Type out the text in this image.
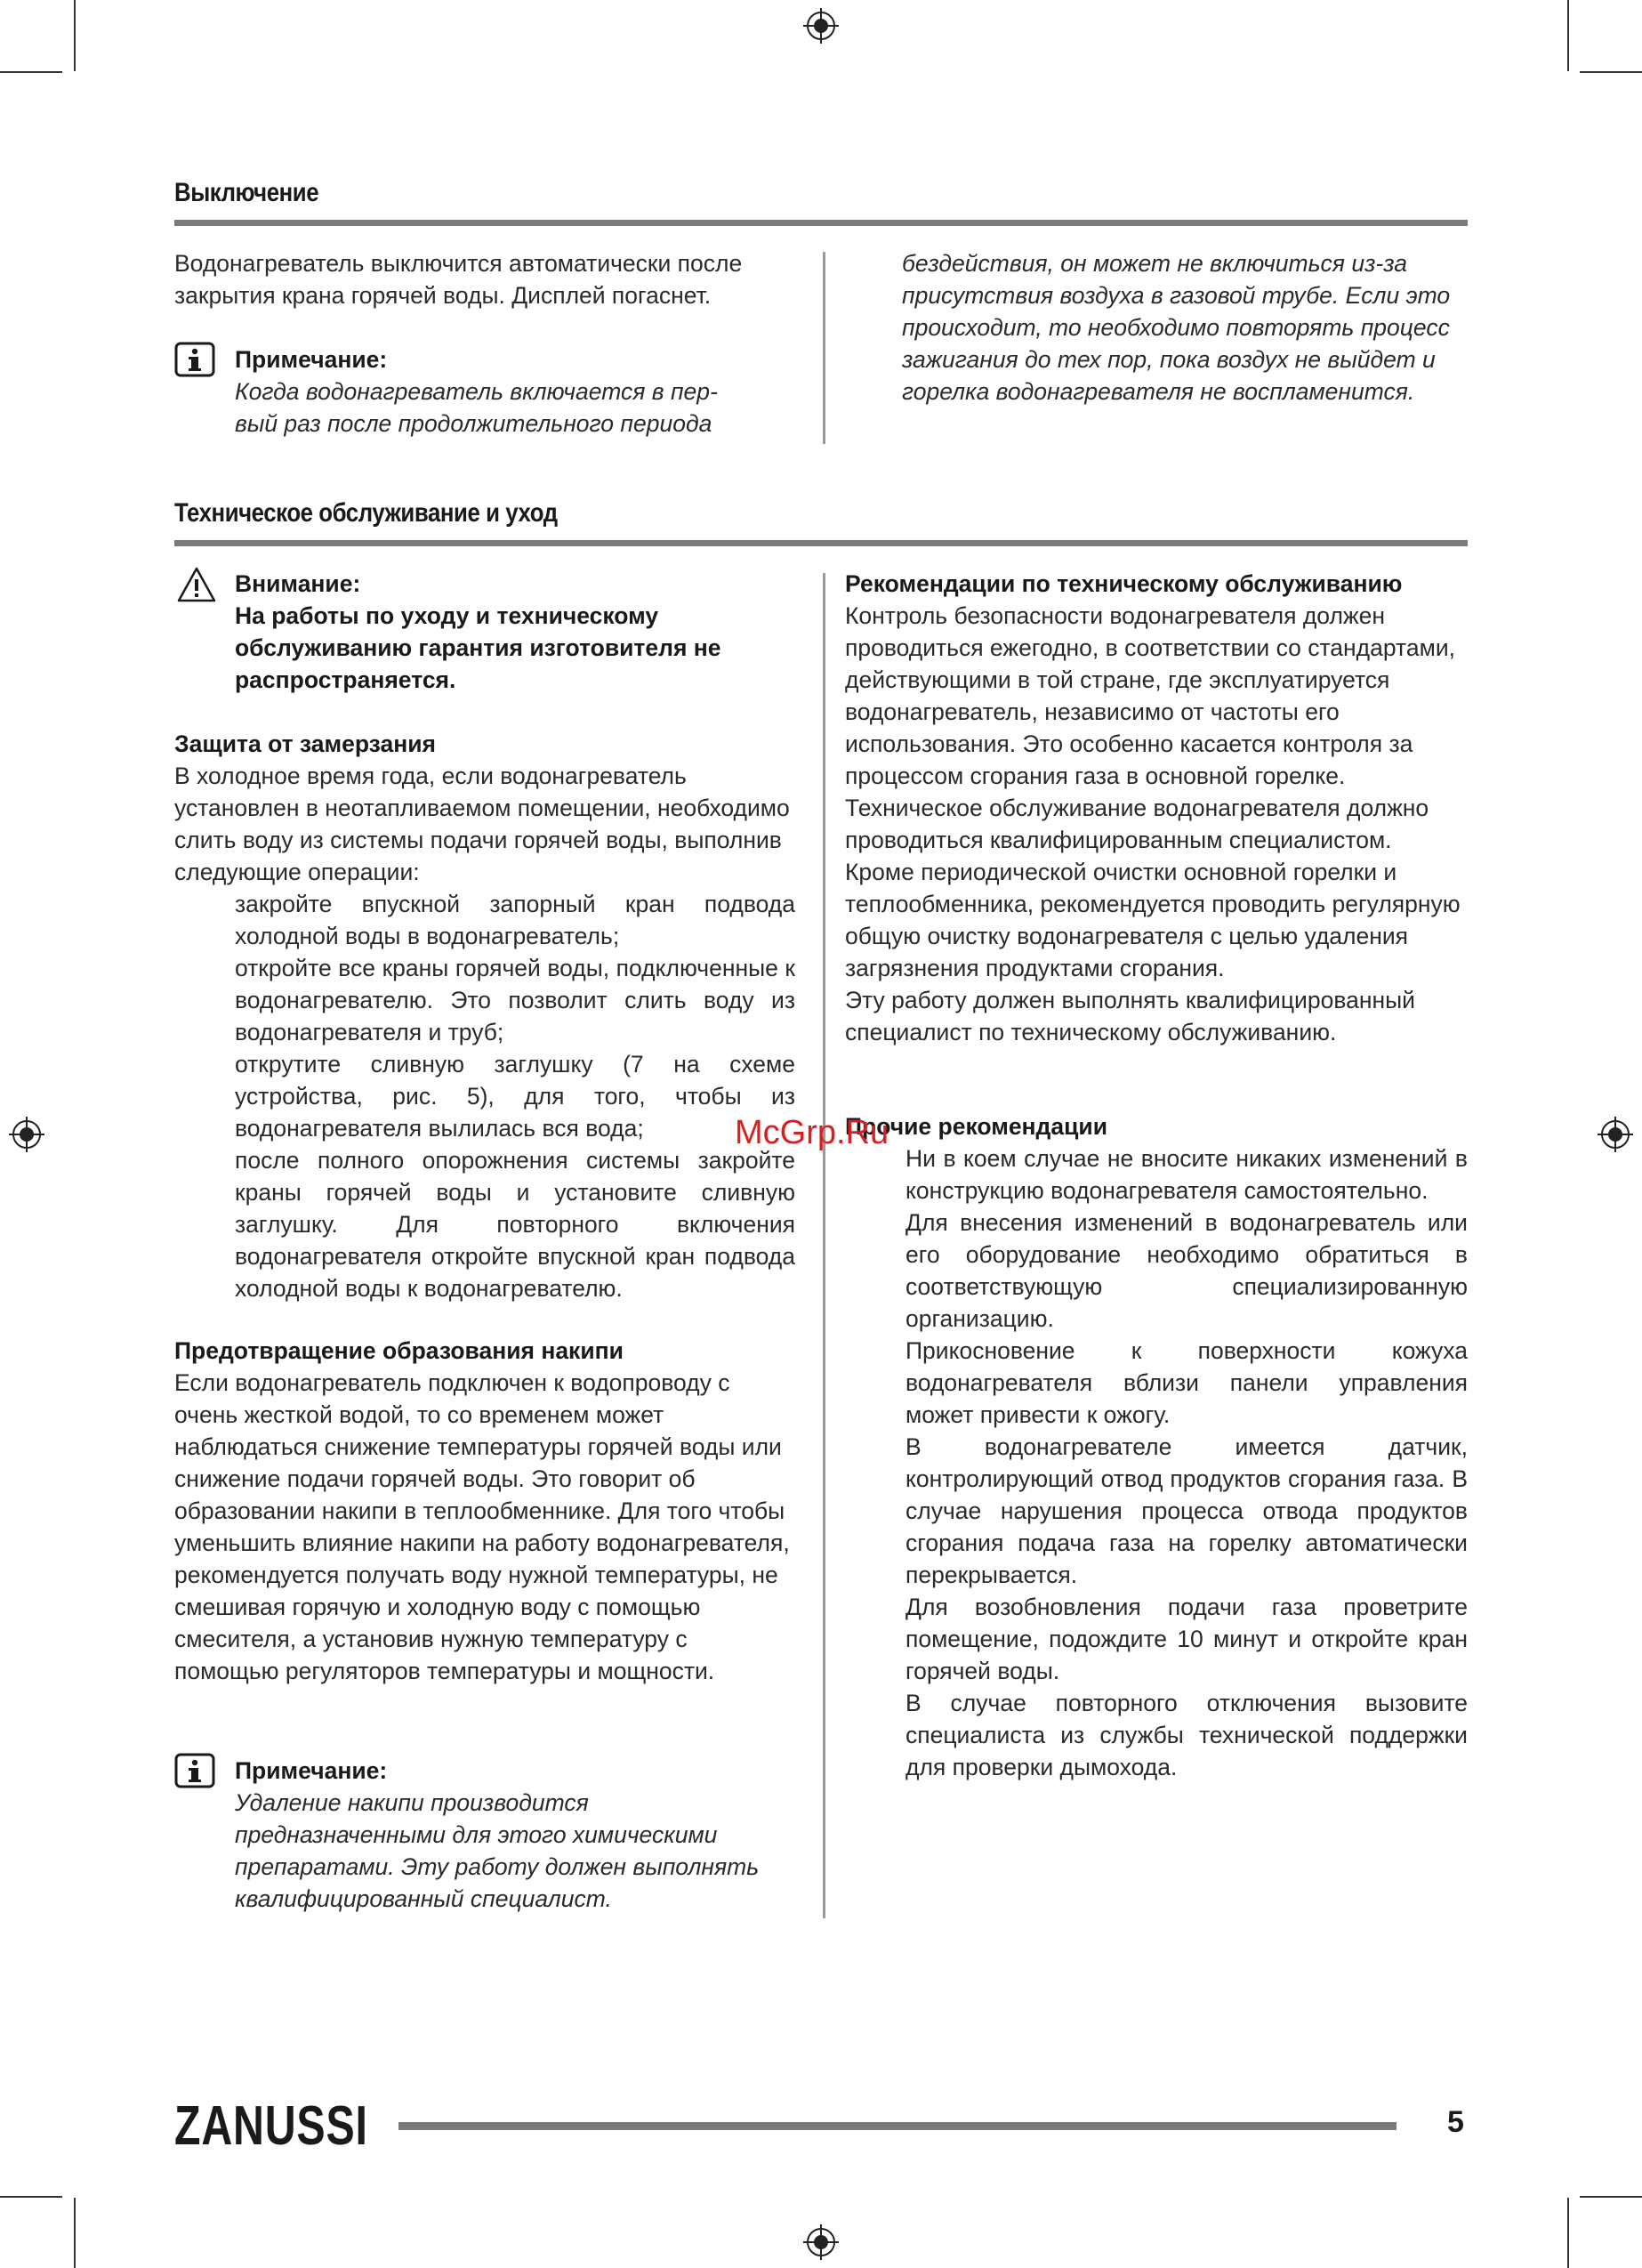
Выключение

Водонагреватель выключится автоматически после закрытия крана горячей воды. Дисплей погаснет.

Примечание:

Когда водонагреватель включается в пер-

вый раз после продолжительного периода

бездействия, он может не включиться из-за присутствия воздуха в газовой трубе. Если это происходит, то необходимо повторять процесс зажигания до тех пор, пока воздух не выйдет и горелка водонагревателя не воспламенится.

Техническое обслуживание и уход

Внимание:

На работы по уходу и техническому обслуживанию гарантия изготовителя не распространяется.

Защита от замерзания

В холодное время года, если водонагреватель установлен в неотапливаемом помещении, необходимо слить воду из системы подачи горячей воды, выполнив следующие операции:

закройте впускной запорный кран подвода холодной воды в водонагреватель;

откройте все краны горячей воды, подключенные к водонагревателю. Это позволит слить воду из водонагревателя и труб;

открутите сливную заглушку (7 на схеме устройства, рис. 5), для того, чтобы из водонагревателя вылилась вся вода;

после полного опорожнения системы закройте краны горячей воды и установите сливную заглушку. Для повторного включения водонагревателя откройте впускной кран подвода холодной воды к водонагревателю.

Предотвращение образования накипи

Если водонагреватель подключен к водопроводу с очень жесткой водой, то со временем может наблюдаться снижение температуры горячей воды или снижение подачи горячей воды. Это говорит об образовании накипи в теплообменнике. Для того чтобы уменьшить влияние накипи на работу водонагревателя, рекомендуется получать воду нужной температуры, не смешивая горячую и холодную воду с помощью смесителя, а установив нужную температуру с помощью регуляторов температуры и мощности.

Примечание:

Удаление накипи производится предназначенными для этого химическими препаратами. Эту работу должен выполнять квалифицированный специалист.

Рекомендации по техническому обслуживанию

Контроль безопасности водонагревателя должен проводиться ежегодно, в соответствии со стандартами, действующими в той стране, где эксплуатируется водонагреватель, независимо от частоты его использования. Это особенно касается контроля за процессом сгорания газа в основной горелке. Техническое обслуживание водонагревателя должно проводиться квалифицированным специалистом.

Кроме периодической очистки основной горелки и теплообменника, рекомендуется проводить регулярную общую очистку водонагревателя с целью удаления загрязнения продуктами сгорания.

Эту работу должен выполнять квалифицированный специалист по техническому обслуживанию.

Прочие рекомендации

Ни в коем случае не вносите никаких изменений в конструкцию водонагревателя самостоятельно.

Для внесения изменений в водонагреватель или его оборудование необходимо обратиться в соответствующую специализированную организацию.

Прикосновение к поверхности кожуха водонагревателя вблизи панели управления может привести к ожогу.

В водонагревателе имеется датчик, контролирующий отвод продуктов сгорания газа. В случае нарушения процесса отвода продуктов сгорания подача газа на горелку автоматически перекрывается.

Для возобновления подачи газа проветрите помещение, подождите 10 минут и откройте кран горячей воды.

В случае повторного отключения вызовите специалиста из службы технической поддержки для проверки дымохода.

McGrp.Ru
ZANUSSI	5
